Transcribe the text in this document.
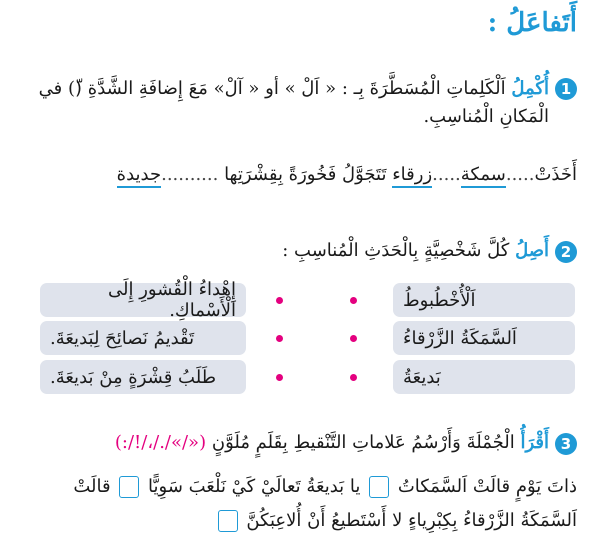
أَتَفاعَلُ :
1
أُكْمِلُ اَلْكَلِماتِ الْمُسَطَّرَةَ بِـ : « اَلْ » أو « آلْ» مَعَ إِضافَةِ الشَّدَّةِ (ّ) في الْمَكانِ الْمُناسِبِ.
أَخَذَتْ.....سمكة.....زرقاء تَتَجَوَّلُ فَخُورَةً بِقِشْرَتِها ..........جديدة
2
أَصِلُ كُلَّ شَخْصِيَّةٍ بِالْحَدَثِ الْمُناسِبِ :
اَلْأُخْطُبوطُ
اَلسَّمَكَةُ الزَّرْقاءُ
بَديعَةُ
إِهْداءُ الْقُشورِ إِلَى الْأَسْماكِ.
تَقْديمُ نَصائِحَ لِبَديعَةَ.
طَلَبُ قِشْرَةٍ مِنْ بَديعَةَ.
3
أَقْرَأُ الْجُمْلَةَ وَأَرْسُمُ عَلاماتِ التَّنْقيطِ بِقَلَمٍ مُلَوَّنٍ (:/!/،/./«/»)
ذاتَ يَوْمٍ قالَتْ اَلسَّمَكاتُ  يا بَديعَةُ تَعالَيْ كَيْ نَلْعَبَ سَوِيًّا  قالَتْ
اَلسَّمَكَةُ الزَّرْقاءُ بِكِبْرِياءٍ لا أَسْتَطيعُ أَنْ أُلاعِبَكُنَّ
